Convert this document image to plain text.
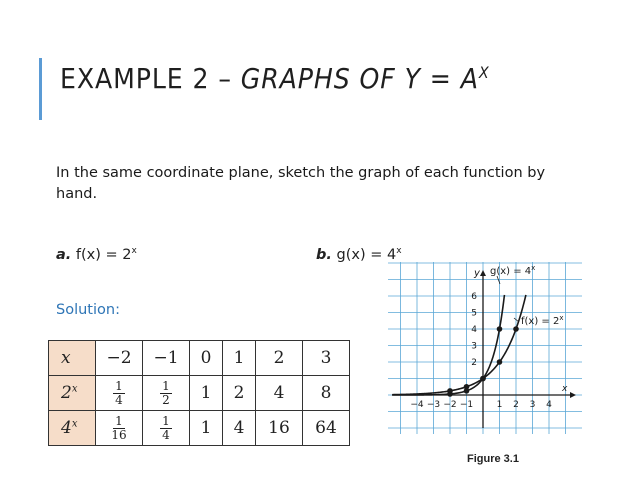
EXAMPLE 2 – GRAPHS OF $Y = A^X$
In the same coordinate plane, sketch the graph of each function by hand.
a. $f(x) = 2^x$	b. $g(x) = 4^x$
Solution:
x	−2	−1	0	1	2	3
2$^x$	$\frac{1}{4}$	$\frac{1}{2}$	1	2	4	8
4$^x$	$\frac{1}{16}$	$\frac{1}{4}$	1	4	16	64
y
x
2
3
4
5
6
−4 −3 −2 −1	1 2 3 4
$g(x) = 4^x$
$f(x) = 2^x$
Figure 3.1
